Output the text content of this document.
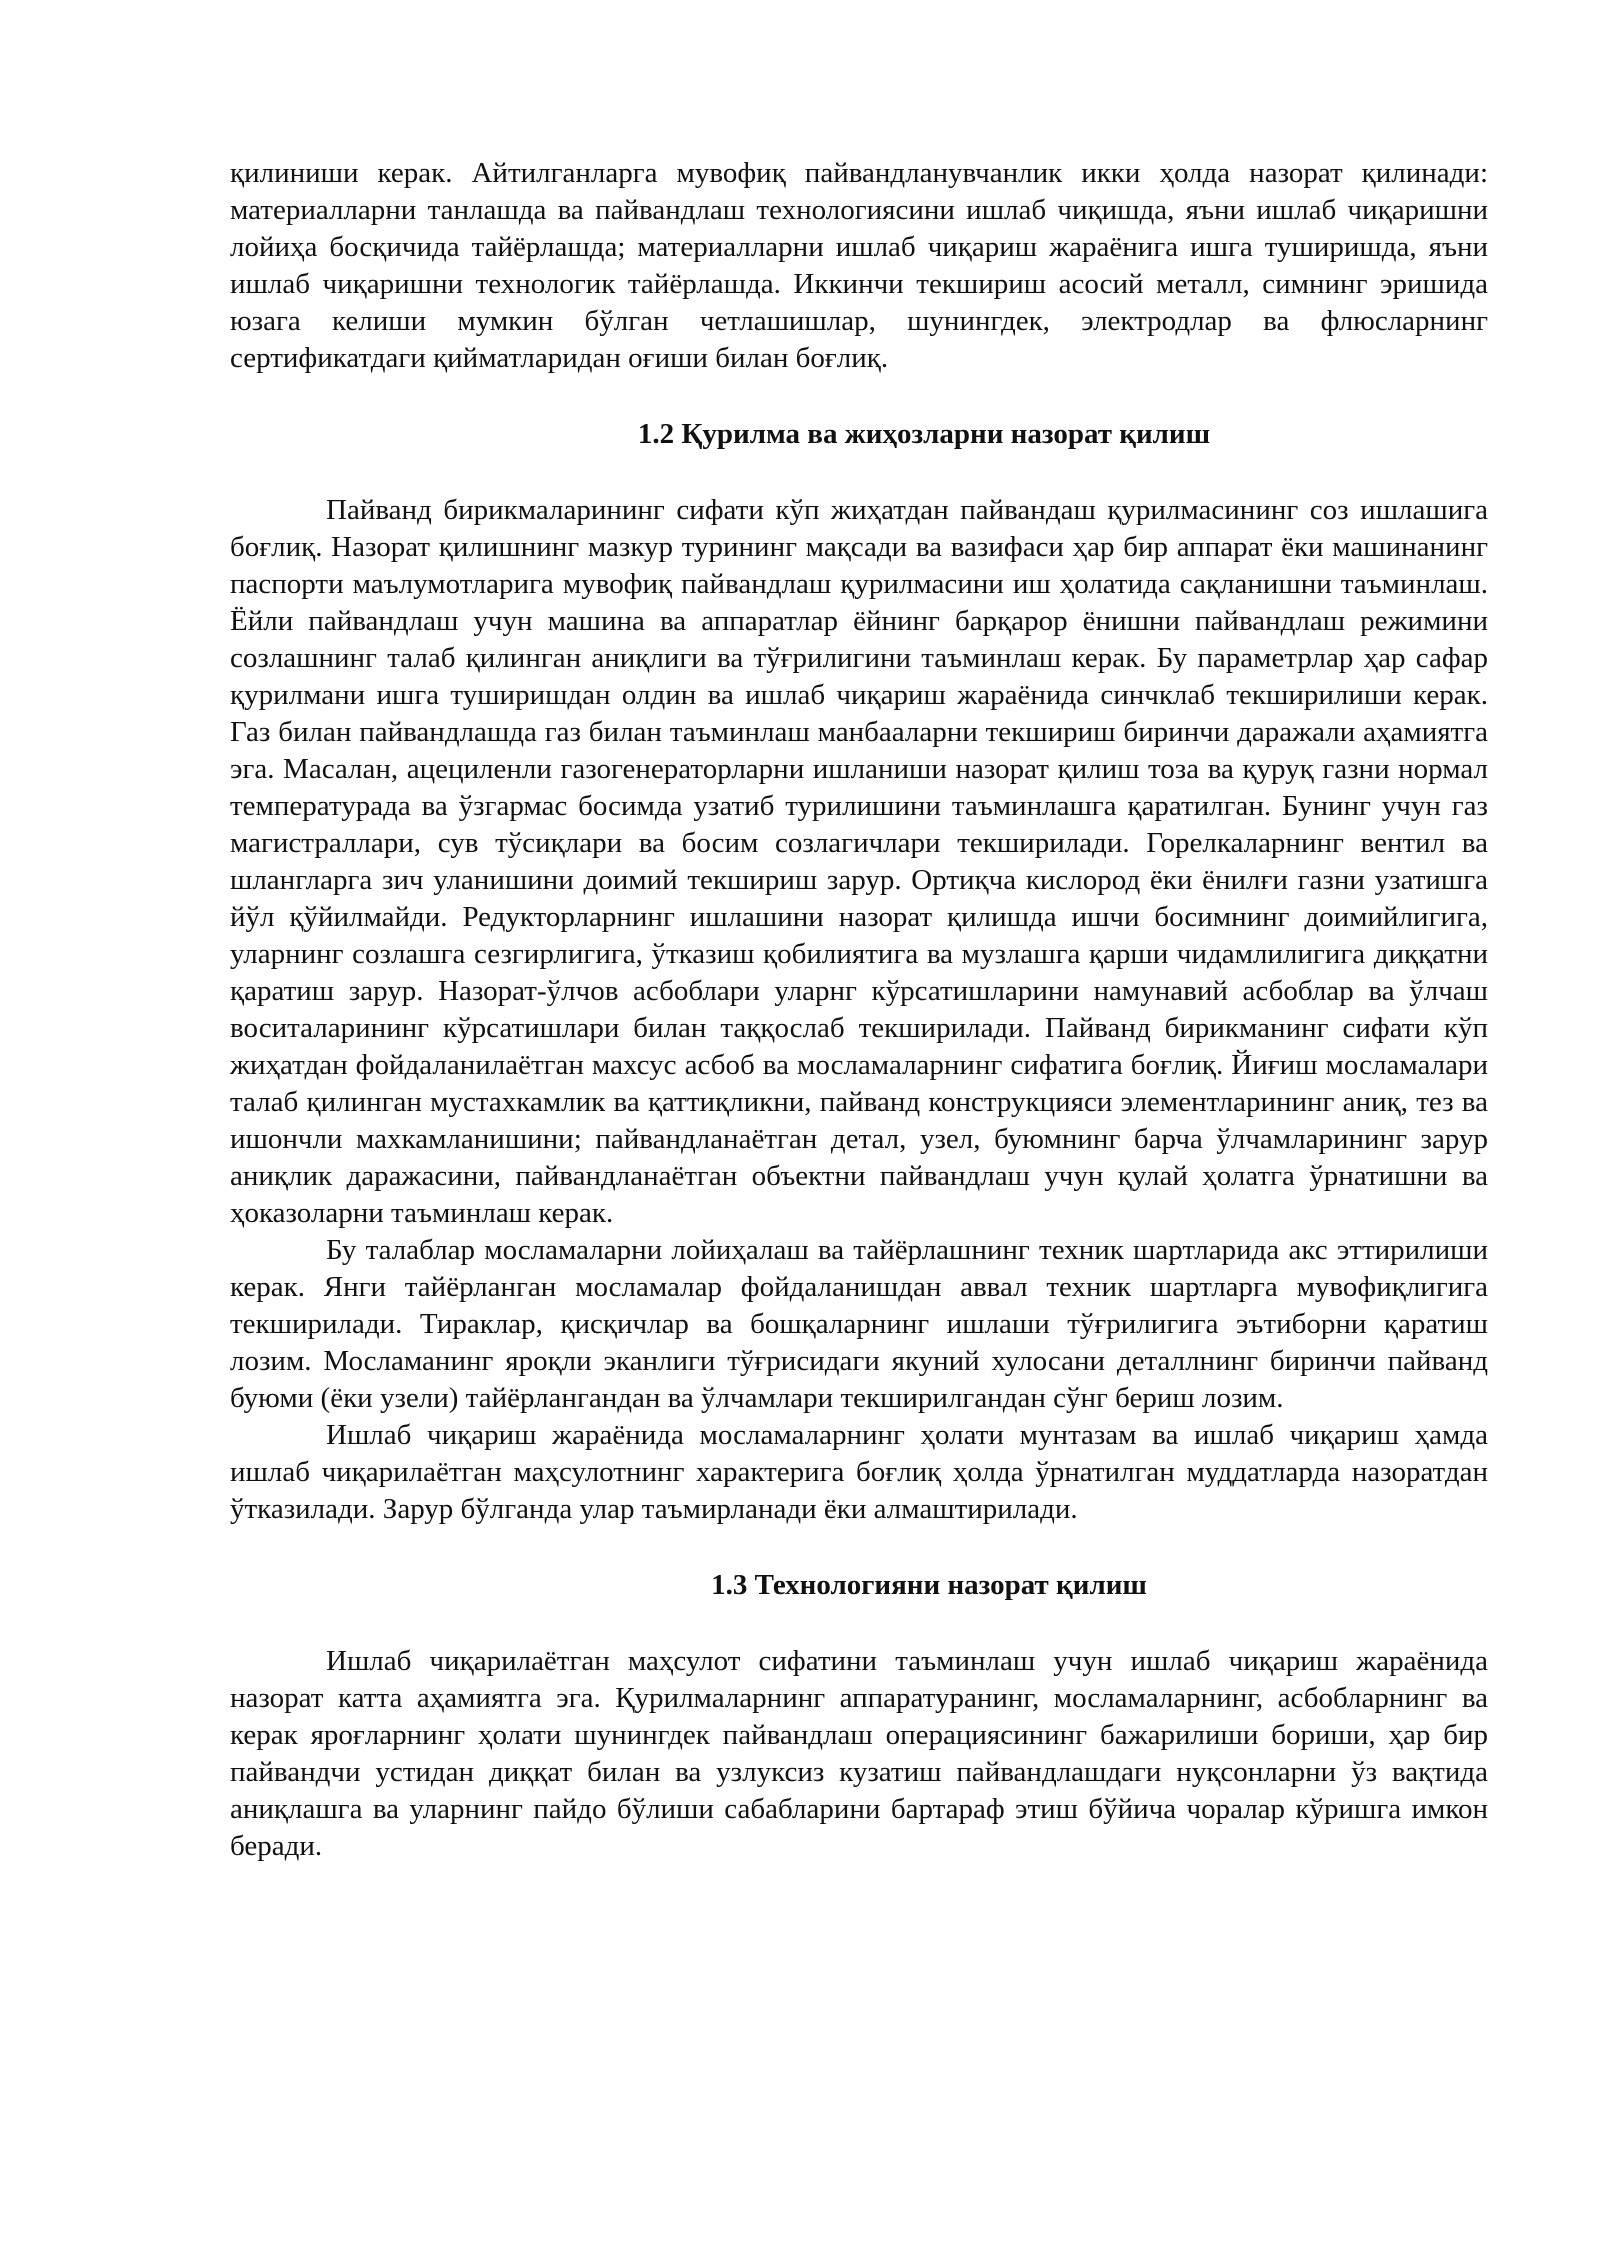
қилиниши керак. Айтилганларга мувофиқ пайвандланувчанлик икки ҳолда назорат қилинади: материалларни танлашда ва пайвандлаш технологиясини ишлаб чиқишда, яъни ишлаб чиқаришни лойиҳа босқичида тайёрлашда; материалларни ишлаб чиқариш жараёнига ишга туширишда, яъни ишлаб чиқаришни технологик тайёрлашда. Иккинчи текшириш асосий металл, симнинг эришида юзага келиши мумкин бўлган четлашишлар, шунингдек, электродлар ва флюсларнинг сертификатдаги қийматларидан оғиши билан боғлиқ.

1.2 Қурилма ва жиҳозларни назорат қилиш

Пайванд бирикмаларининг сифати кўп жиҳатдан пайвандаш қурилмасининг соз ишлашига боғлиқ. Назорат қилишнинг мазкур турининг мақсади ва вазифаси ҳар бир аппарат ёки машинанинг паспорти маълумотларига мувофиқ пайвандлаш қурилмасини иш ҳолатида сақланишни таъминлаш. Ёйли пайвандлаш учун машина ва аппаратлар ёйнинг барқарор ёнишни пайвандлаш режимини созлашнинг талаб қилинган аниқлиги ва тўғрилигини таъминлаш керак. Бу параметрлар ҳар сафар қурилмани ишга туширишдан олдин ва ишлаб чиқариш жараёнида синчклаб текширилиши керак. Газ билан пайвандлашда газ билан таъминлаш манбааларни текшириш биринчи даражали аҳамиятга эга. Масалан, ацециленли газогенераторларни ишланиши назорат қилиш тоза ва қуруқ газни нормал температурада ва ўзгармас босимда узатиб турилишини таъминлашга қаратилган. Бунинг учун газ магистраллари, сув тўсиқлари ва босим созлагичлари текширилади. Горелкаларнинг вентил ва шлангларга зич уланишини доимий текшириш зарур. Ортиқча кислород ёки ёнилғи газни узатишга йўл қўйилмайди. Редукторларнинг ишлашини назорат қилишда ишчи босимнинг доимийлигига, уларнинг созлашга сезгирлигига, ўтказиш қобилиятига ва музлашга қарши чидамлилигига диққатни қаратиш зарур. Назорат-ўлчов асбоблари уларнг кўрсатишларини намунавий асбоблар ва ўлчаш воситаларининг кўрсатишлари билан таққослаб текширилади. Пайванд бирикманинг сифати кўп жиҳатдан фойдаланилаётган махсус асбоб ва мосламаларнинг сифатига боғлиқ. Йиғиш мосламалари талаб қилинган мустахкамлик ва қаттиқликни, пайванд конструкцияси элементларининг аниқ, тез ва ишончли махкамланишини; пайвандланаётган детал, узел, буюмнинг барча ўлчамларининг зарур аниқлик даражасини, пайвандланаётган объектни пайвандлаш учун қулай ҳолатга ўрнатишни ва ҳоказоларни таъминлаш керак.

Бу талаблар мосламаларни лойиҳалаш ва тайёрлашнинг техник шартларида акс эттирилиши керак. Янги тайёрланган мосламалар фойдаланишдан аввал техник шартларга мувофиқлигига текширилади. Тираклар, қисқичлар ва бошқаларнинг ишлаши тўғрилигига эътиборни қаратиш лозим. Мосламанинг яроқли эканлиги тўғрисидаги якуний хулосани деталлнинг биринчи пайванд буюми (ёки узели) тайёрлангандан ва ўлчамлари текширилгандан сўнг бериш лозим.

Ишлаб чиқариш жараёнида мосламаларнинг ҳолати мунтазам ва ишлаб чиқариш ҳамда ишлаб чиқарилаётган маҳсулотнинг характерига боғлиқ ҳолда ўрнатилган муддатларда назоратдан ўтказилади. Зарур бўлганда улар таъмирланади ёки алмаштирилади.

1.3 Технологияни назорат қилиш

Ишлаб чиқарилаётган маҳсулот сифатини таъминлаш учун ишлаб чиқариш жараёнида назорат катта аҳамиятга эга. Қурилмаларнинг аппаратуранинг, мосламаларнинг, асбобларнинг ва керак яроғларнинг ҳолати шунингдек пайвандлаш операциясининг бажарилиши бориши, ҳар бир пайвандчи устидан диққат билан ва узлуксиз кузатиш пайвандлашдаги нуқсонларни ўз вақтида аниқлашга ва уларнинг пайдо бўлиши сабабларини бартараф этиш бўйича чоралар кўришга имкон беради.
